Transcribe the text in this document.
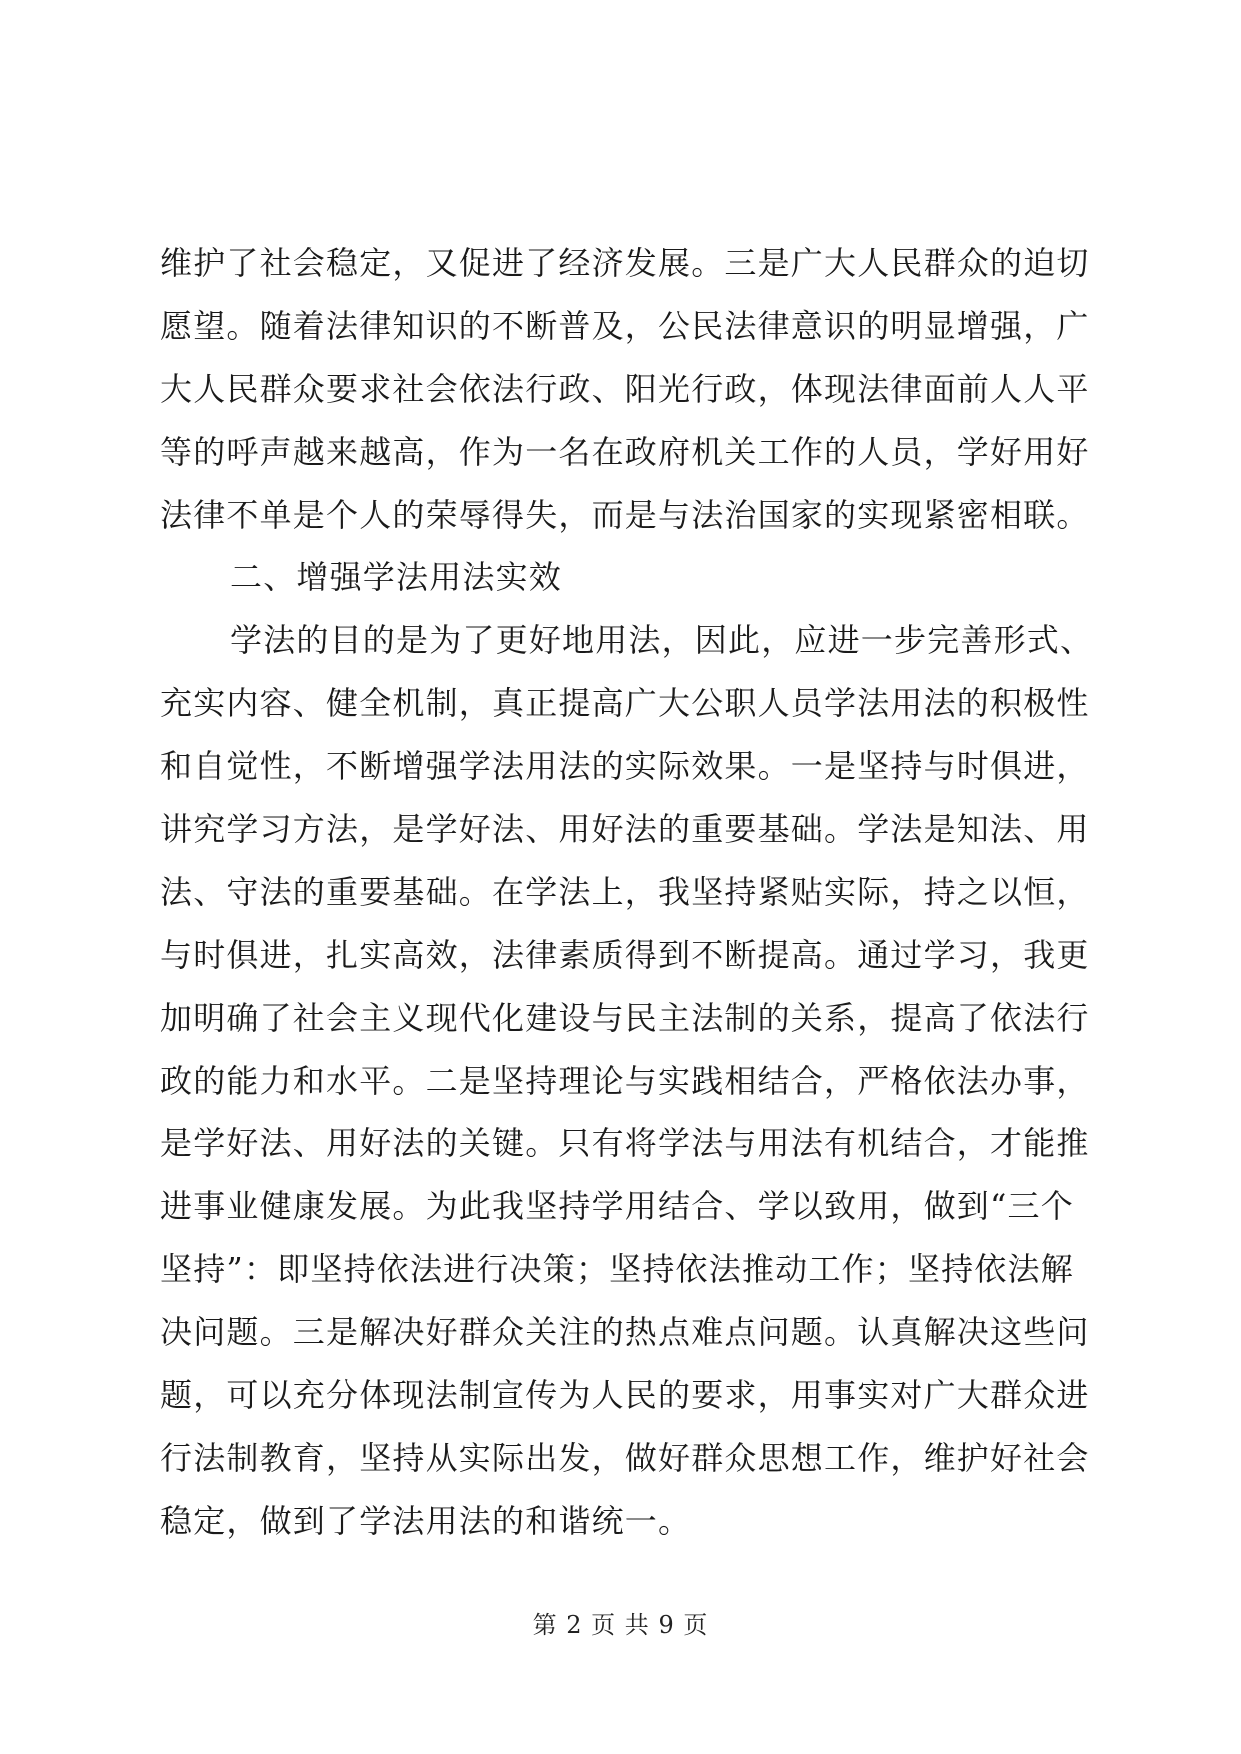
维护了社会稳定，又促进了经济发展。三是广大人民群众的迫切
愿望。随着法律知识的不断普及，公民法律意识的明显增强，广
大人民群众要求社会依法行政、阳光行政，体现法律面前人人平
等的呼声越来越高，作为一名在政府机关工作的人员，学好用好
法律不单是个人的荣辱得失，而是与法治国家的实现紧密相联。
二、增强学法用法实效
学法的目的是为了更好地用法，因此，应进一步完善形式、
充实内容、健全机制，真正提高广大公职人员学法用法的积极性
和自觉性，不断增强学法用法的实际效果。一是坚持与时俱进，
讲究学习方法，是学好法、用好法的重要基础。学法是知法、用
法、守法的重要基础。在学法上，我坚持紧贴实际，持之以恒，
与时俱进，扎实高效，法律素质得到不断提高。通过学习，我更
加明确了社会主义现代化建设与民主法制的关系，提高了依法行
政的能力和水平。二是坚持理论与实践相结合，严格依法办事，
是学好法、用好法的关键。只有将学法与用法有机结合，才能推
进事业健康发展。为此我坚持学用结合、学以致用，做到“三个
坚持”：即坚持依法进行决策；坚持依法推动工作；坚持依法解
决问题。三是解决好群众关注的热点难点问题。认真解决这些问
题，可以充分体现法制宣传为人民的要求，用事实对广大群众进
行法制教育，坚持从实际出发，做好群众思想工作，维护好社会
稳定，做到了学法用法的和谐统一。
第 2 页 共 9 页
